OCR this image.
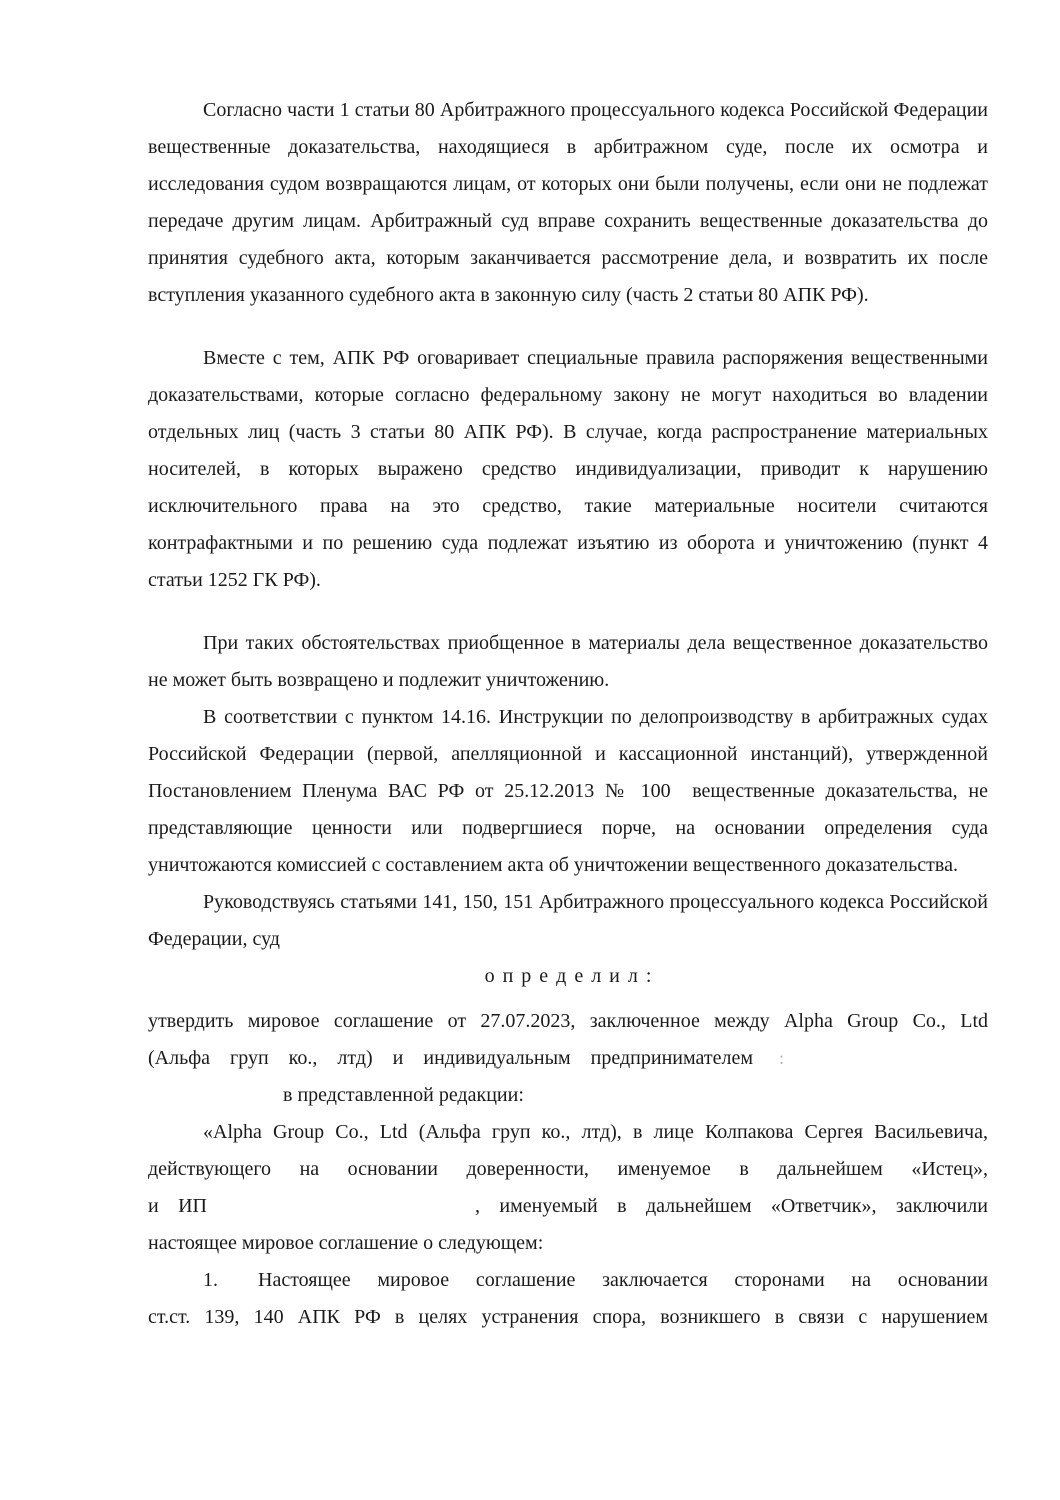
Согласно части 1 статьи 80 Арбитражного процессуального кодекса Российской Федерации вещественные доказательства, находящиеся в арбитражном суде, после их осмотра и исследования судом возвращаются лицам, от которых они были получены, если они не подлежат передаче другим лицам. Арбитражный суд вправе сохранить вещественные доказательства до принятия судебного акта, которым заканчивается рассмотрение дела, и возвратить их после вступления указанного судебного акта в законную силу (часть 2 статьи 80 АПК РФ).

Вместе с тем, АПК РФ оговаривает специальные правила распоряжения вещественными доказательствами, которые согласно федеральному закону не могут находиться во владении отдельных лиц (часть 3 статьи 80 АПК РФ). В случае, когда распространение материальных носителей, в которых выражено средство индивидуализации, приводит к нарушению исключительного права на это средство, такие материальные носители считаются контрафактными и по решению суда подлежат изъятию из оборота и уничтожению (пункт 4 статьи 1252 ГК РФ).

При таких обстоятельствах приобщенное в материалы дела вещественное доказательство не может быть возвращено и подлежит уничтожению.

В соответствии с пунктом 14.16. Инструкции по делопроизводству в арбитражных судах Российской Федерации (первой, апелляционной и кассационной инстанций), утвержденной Постановлением Пленума ВАС РФ от 25.12.2013 № 100  вещественные доказательства, не представляющие ценности или подвергшиеся порче, на основании определения суда уничтожаются комиссией с составлением акта об уничтожении вещественного доказательства.

Руководствуясь статьями 141, 150, 151 Арбитражного процессуального кодекса Российской Федерации, суд

о п р е д е л и л :

утвердить мировое соглашение от 27.07.2023, заключенное между Alpha Group Co., Ltd
(Альфа груп ко., лтд) и индивидуальным предпринимателем :
в представленной редакции:
«Alpha Group Co., Ltd (Альфа груп ко., лтд), в лице Колпакова Сергея Васильевича,
действующего на основании доверенности, именуемое в дальнейшем «Истец»,
и ИП	, именуемый в дальнейшем «Ответчик», заключили
настоящее мировое соглашение о следующем:
1. Настоящее мировое соглашение заключается сторонами на основании
ст.ст. 139, 140 АПК РФ в целях устранения спора, возникшего в связи с нарушением
